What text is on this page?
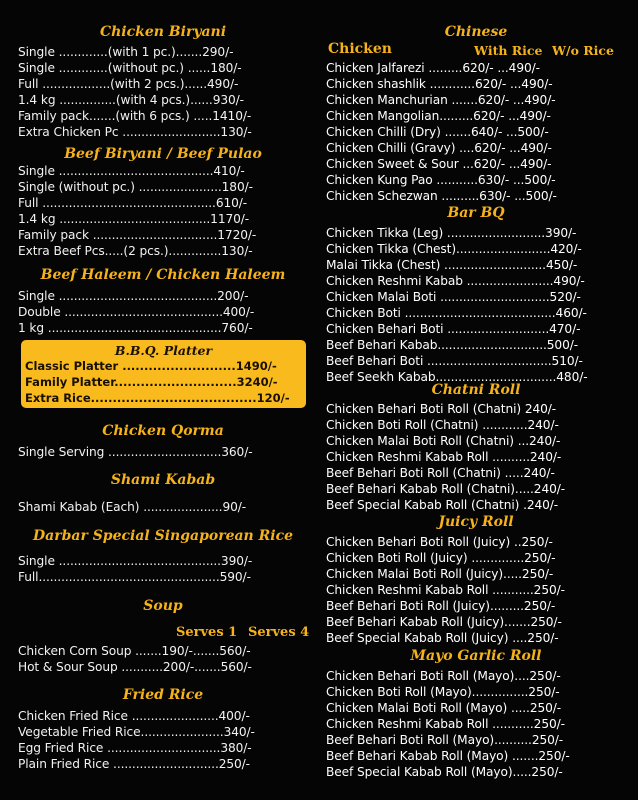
Chicken Biryani
Single .............(with 1 pc.).......290/-
Single .............(without pc.) ......180/-
Full ..................(with 2 pcs.)......490/-
1.4 kg ...............(with 4 pcs.)......930/-
Family pack.......(with 6 pcs.) .....1410/-
Extra Chicken Pc ..........................130/-
Beef Biryani / Beef Pulao
Single .........................................410/-
Single (without pc.) ......................180/-
Full ..............................................610/-
1.4 kg ........................................1170/-
Family pack .................................1720/-
Extra Beef Pcs.....(2 pcs.)..............130/-
Beef Haleem / Chicken Haleem
Single ..........................................200/-
Double ..........................................400/-
1 kg ..............................................760/-
B.B.Q. Platter
Classic Platter ..........................1490/-
Family Platter............................3240/-
Extra Rice......................................120/-
Chicken Qorma
Single Serving ..............................360/-
Shami Kabab
Shami Kabab (Each) .....................90/-
Darbar Special Singaporean Rice
Single ...........................................390/-
Full................................................590/-
Soup
Serves 1 Serves 4
Chicken Corn Soup .......190/-.......560/-
Hot & Sour Soup ...........200/-.......560/-
Fried Rice
Chicken Fried Rice .......................400/-
Vegetable Fried Rice......................340/-
Egg Fried Rice ..............................380/-
Plain Fried Rice ............................250/-
Chinese
Chicken	With Rice W/o Rice
Chicken Jalfarezi .........620/- ...490/-
Chicken shashlik ............620/- ...490/-
Chicken Manchurian .......620/- ...490/-
Chicken Mangolian.........620/- ...490/-
Chicken Chilli (Dry) .......640/- ...500/-
Chicken Chilli (Gravy) ....620/- ...490/-
Chicken Sweet & Sour ...620/- ...490/-
Chicken Kung Pao ...........630/- ...500/-
Chicken Schezwan ..........630/- ...500/-
Bar BQ
Chicken Tikka (Leg) ..........................390/-
Chicken Tikka (Chest).........................420/-
Malai Tikka (Chest) ...........................450/-
Chicken Reshmi Kabab .......................490/-
Chicken Malai Boti .............................520/-
Chicken Boti ........................................460/-
Chicken Behari Boti ...........................470/-
Beef Behari Kabab.............................500/-
Beef Behari Boti .................................510/-
Beef Seekh Kabab................................480/-
Chatni Roll
Chicken Behari Boti Roll (Chatni) 240/-
Chicken Boti Roll (Chatni) ............240/-
Chicken Malai Boti Roll (Chatni) ...240/-
Chicken Reshmi Kabab Roll ..........240/-
Beef Behari Boti Roll (Chatni) .....240/-
Beef Behari Kabab Roll (Chatni).....240/-
Beef Special Kabab Roll (Chatni) .240/-
Juicy Roll
Chicken Behari Boti Roll (Juicy) ..250/-
Chicken Boti Roll (Juicy) ..............250/-
Chicken Malai Boti Roll (Juicy).....250/-
Chicken Reshmi Kabab Roll ...........250/-
Beef Behari Boti Roll (Juicy).........250/-
Beef Behari Kabab Roll (Juicy).......250/-
Beef Special Kabab Roll (Juicy) ....250/-
Mayo Garlic Roll
Chicken Behari Boti Roll (Mayo)....250/-
Chicken Boti Roll (Mayo)...............250/-
Chicken Malai Boti Roll (Mayo) .....250/-
Chicken Reshmi Kabab Roll ...........250/-
Beef Behari Boti Roll (Mayo)..........250/-
Beef Behari Kabab Roll (Mayo) .......250/-
Beef Special Kabab Roll (Mayo).....250/-
